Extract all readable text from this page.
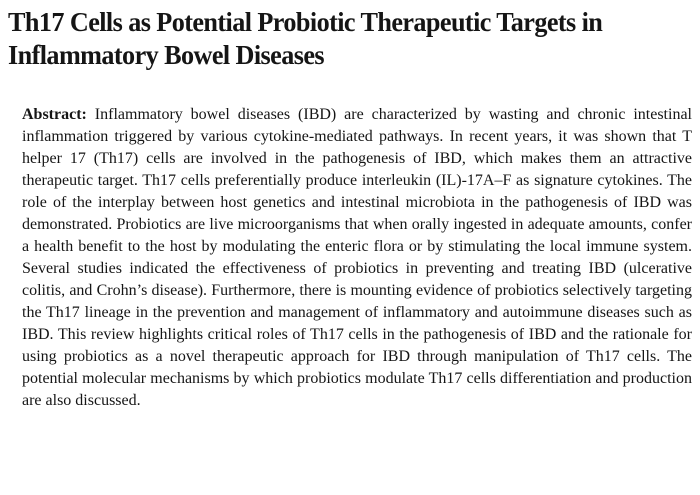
Th17 Cells as Potential Probiotic Therapeutic Targets in Inflammatory Bowel Diseases

Abstract: Inflammatory bowel diseases (IBD) are characterized by wasting and chronic intestinal inflammation triggered by various cytokine-mediated pathways. In recent years, it was shown that T helper 17 (Th17) cells are involved in the pathogenesis of IBD, which makes them an attractive therapeutic target. Th17 cells preferentially produce interleukin (IL)-17A–F as signature cytokines. The role of the interplay between host genetics and intestinal microbiota in the pathogenesis of IBD was demonstrated. Probiotics are live microorganisms that when orally ingested in adequate amounts, confer a health benefit to the host by modulating the enteric flora or by stimulating the local immune system. Several studies indicated the effectiveness of probiotics in preventing and treating IBD (ulcerative colitis, and Crohn’s disease). Furthermore, there is mounting evidence of probiotics selectively targeting the Th17 lineage in the prevention and management of inflammatory and autoimmune diseases such as IBD. This review highlights critical roles of Th17 cells in the pathogenesis of IBD and the rationale for using probiotics as a novel therapeutic approach for IBD through manipulation of Th17 cells. The potential molecular mechanisms by which probiotics modulate Th17 cells differentiation and production are also discussed.
